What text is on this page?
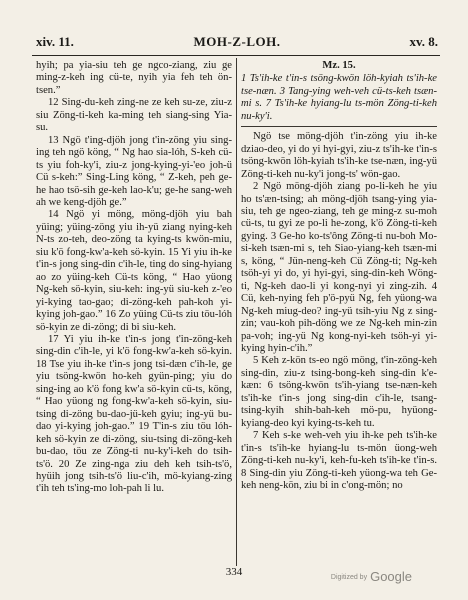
xiv. 11.	MOH-Z-LOH.	xv. 8.

hyih; pa yia-siu teh ge ngco-ziang, ziu ge ming-z-keh ing cü-te, nyih yia feh teh ön-tsen.”

12 Sing-du-keh zing-ne ze keh su-ze, ziu-z siu Zöng-ti-keh ka-ming teh siang-sing Yia-su.

13 Ngö t'ing-djöh jong t'in-zöng yiu sing-ing teh ngö köng, “ Ng hao sia-lóh, S-keh cü-ts yiu foh-ky'i, ziu-z jong-kying-yi-'eo joh-ü Cü s-keh:” Sing-Ling köng, “ Z-keh, peh ge-he hao tsö-sih ge-keh lao-k'u; ge-he sang-weh ah we keng-djöh ge.”

14 Ngö yi möng, möng-djöh yiu bah yüing; yüing-zöng yiu ih-yü ziang nying-keh N-ts zo-teh, deo-zöng ta kying-ts kwön-miu, siu k'ö fong-kw'a-keh sö-kyin. 15 Yi yiu ih-ke t'in-s jong sing-din c'ih-le, ting do sing-hyiang ao zo yüing-keh Cü-ts köng, “ Hao yüong Ng-keh sö-kyin, siu-keh: ing-yü siu-keh z-'eo yi-kying tao-gao; di-zöng-keh pah-koh yi-kying joh-gao.” 16 Zo yüing Cü-ts ziu töu-lóh sö-kyin ze di-zöng; di bi siu-keh.

17 Yi yiu ih-ke t'in-s jong t'in-zöng-keh sing-din c'ih-le, yi k'ö fong-kw'a-keh sö-kyin. 18 Tse yiu ih-ke t'in-s jong tsi-dæn c'ih-le, ge yiu tsöng-kwön ho-keh gyün-ping; yiu do sing-ing ao k'ö fong kw'a sö-kyin cü-ts, köng, “ Hao yüong ng fong-kw'a-keh sö-kyin, siu-tsing di-zöng bu-dao-jü-keh gyiu; ing-yü bu-dao yi-kying joh-gao.” 19 T'in-s ziu töu lóh-keh sö-kyin ze di-zöng, siu-tsing di-zöng-keh bu-dao, töu ze Zöng-ti nu-ky'i-keh do tsih-ts'ö. 20 Ze zing-nga ziu deh keh tsih-ts'ö, hyüih jong tsih-ts'ö liu-c'ih, mö-kyiang-zing t'ih teh ts'ing-mo loh-pah li lu.

Mz. 15.

1 Ts'ih-ke t'in-s tsöng-kwön löh-kyiah ts'ih-ke tse-næn. 3 Tang-ying weh-veh cü-ts-keh tsæn-mi s. 7 Ts'ih-ke hyiang-lu ts-mön Zöng-ti-keh nu-ky'i.

Ngö tse möng-djöh t'in-zöng yiu ih-ke dziao-deo, yi do yi hyi-gyi, ziu-z ts'ih-ke t'in-s tsöng-kwön löh-kyiah ts'ih-ke tse-næn, ing-yü Zöng-ti-keh nu-ky'i jong-ts' wön-gao.

2 Ngö möng-djöh ziang po-li-keh he yiu ho ts'æn-tsing; ah möng-djöh tsang-ying yia-siu, teh ge ngeo-ziang, teh ge ming-z su-moh cü-ts, tu gyi ze po-li he-zong, k'ö Zöng-ti-keh gying. 3 Ge-ho ko-ts'ông Zöng-ti nu-boh Mo-si-keh tsæn-mi s, teh Siao-yiang-keh tsæn-mi s, köng, “ Jün-neng-keh Cü Zöng-ti; Ng-keh tsöh-yi yi do, yi hyi-gyi, sing-din-keh Wöng-ti, Ng-keh dao-li yi kong-nyi yi zing-zih. 4 Cü, keh-nying feh p'ö-pyü Ng, feh yüong-wa Ng-keh miug-deo? ing-yü tsih-yiu Ng z sing-zin; vau-koh pih-döng we ze Ng-keh min-zin pa-voh; ing-yü Ng kong-nyi-keh tsöh-yi yi-kying hyin-c'ih.”

5 Keh z-kön ts-eo ngö möng, t'in-zöng-keh sing-din, ziu-z tsing-bong-keh sing-din k'e-kæn: 6 tsöng-kwön ts'ih-yiang tse-næn-keh ts'ih-ke t'in-s jong sing-din c'ih-le, tsang-tsing-kyih shih-bah-keh mö-pu, hyüong-kyiang-deo kyi kying-ts-keh tu.

7 Keh s-ke weh-veh yiu ih-ke peh ts'ih-ke t'in-s ts'ih-ke hyiang-lu ts-mön üong-weh Zöng-ti-keh nu-ky'i, keh-fu-keh ts'ih-ke t'in-s. 8 Sing-din yiu Zöng-ti-keh yüong-wa teh Ge-keh neng-kön, ziu bi in c'ong-mön; no

334	Digitized by Google
